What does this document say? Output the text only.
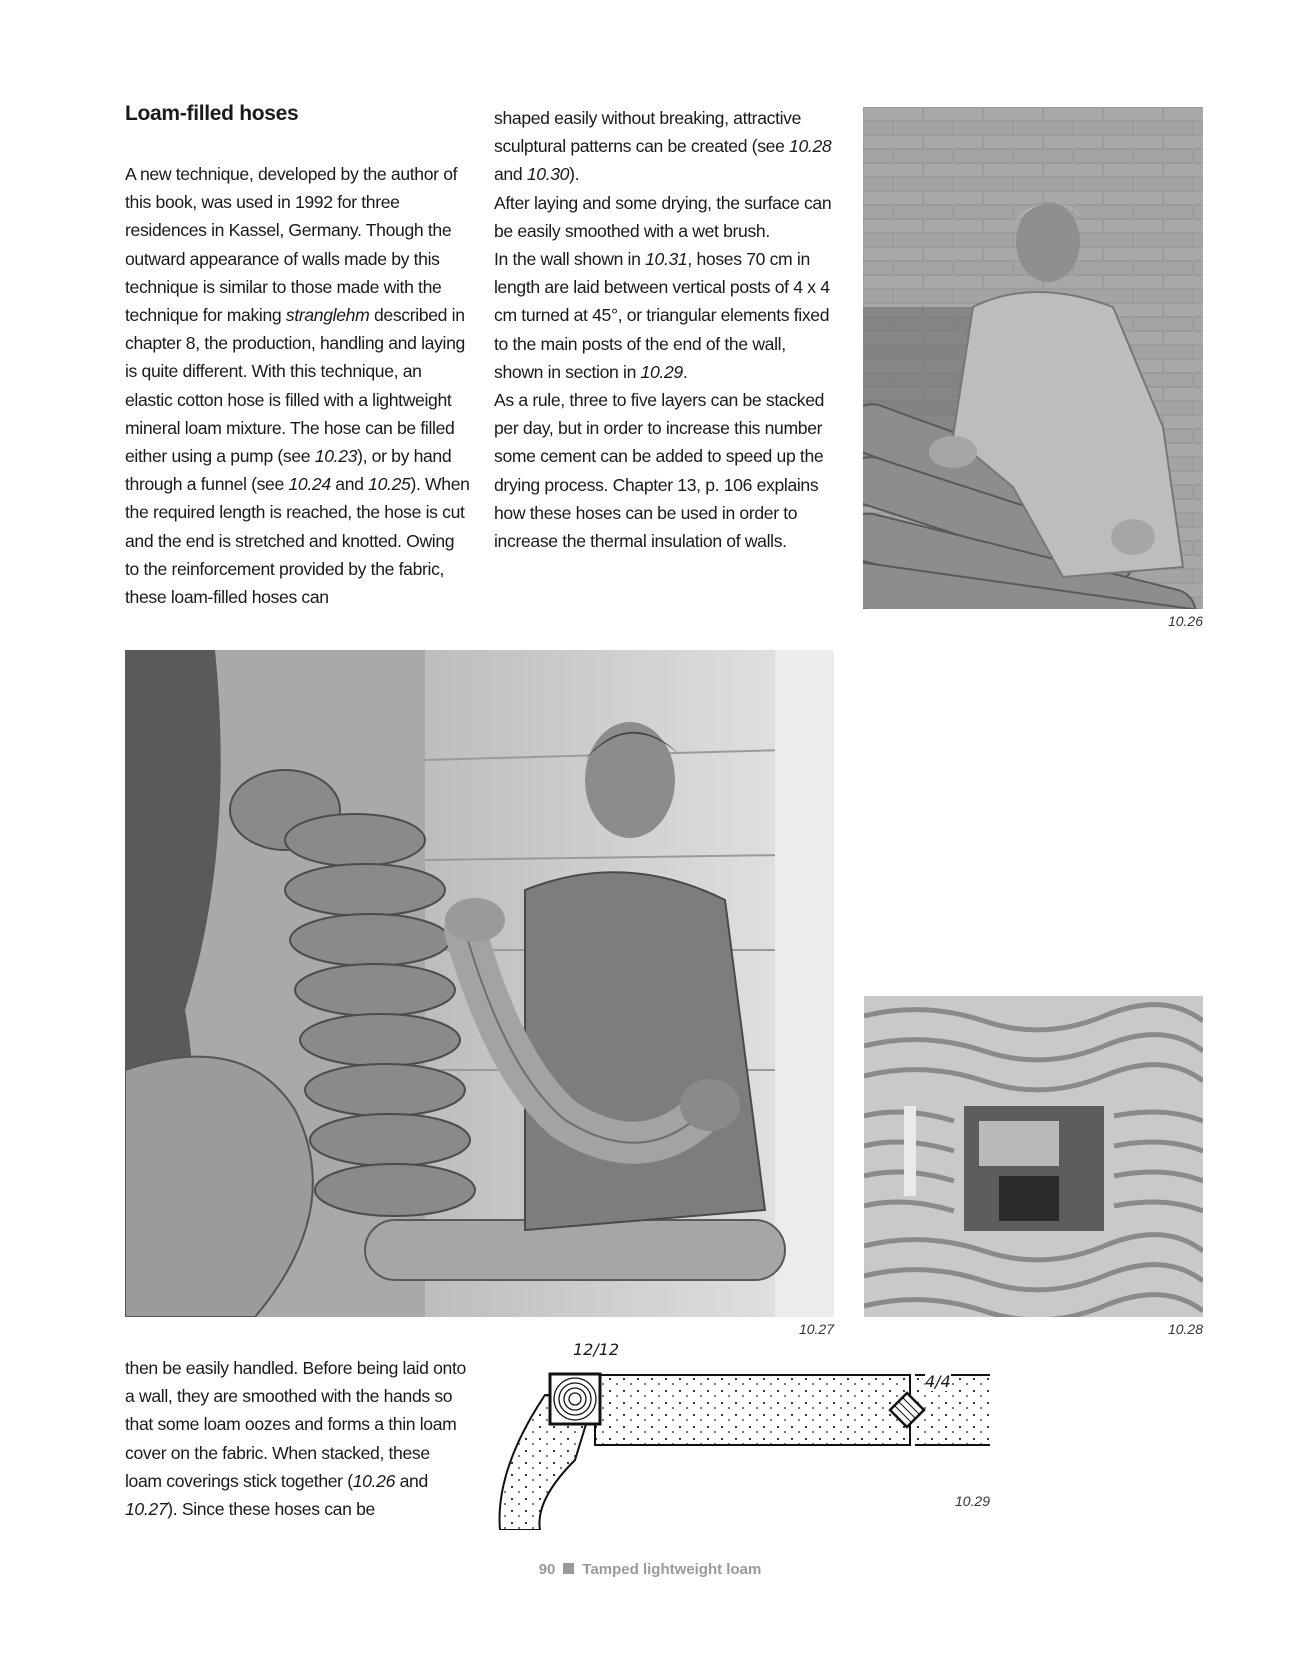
Loam-filled hoses

A new technique, developed by the author of this book, was used in 1992 for three residences in Kassel, Germany. Though the outward appearance of walls made by this technique is similar to those made with the technique for making stranglehm described in chapter 8, the production, handling and laying is quite different. With this technique, an elastic cotton hose is filled with a lightweight mineral loam mixture. The hose can be filled either using a pump (see 10.23), or by hand through a funnel (see 10.24 and 10.25). When the required length is reached, the hose is cut and the end is stretched and knotted. Owing to the reinforcement provided by the fabric, these loam-filled hoses can

shaped easily without breaking, attractive sculptural patterns can be created (see 10.28 and 10.30).

After laying and some drying, the surface can be easily smoothed with a wet brush.

In the wall shown in 10.31, hoses 70 cm in length are laid between vertical posts of 4 x 4 cm turned at 45°, or triangular elements fixed to the main posts of the end of the wall, shown in section in 10.29.

As a rule, three to five layers can be stacked per day, but in order to increase this number some cement can be added to speed up the drying process. Chapter 13, p. 106 explains how these hoses can be used in order to increase the thermal insulation of walls.

then be easily handled. Before being laid onto a wall, they are smoothed with the hands so that some loam oozes and forms a thin loam cover on the fabric. When stacked, these loam coverings stick together (10.26 and 10.27). Since these hoses can be

10.26
10.27	10.28
12/12
4/4
10.29
90 Tamped lightweight loam
